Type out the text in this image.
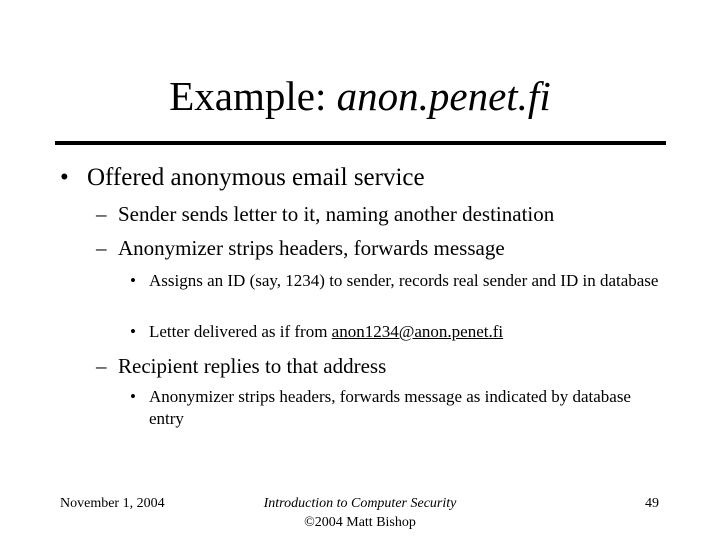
Example: anon.penet.fi
• Offered anonymous email service
– Sender sends letter to it, naming another destination
– Anonymizer strips headers, forwards message
• Assigns an ID (say, 1234) to sender, records real sender and ID in database
• Letter delivered as if from anon1234@anon.penet.fi
– Recipient replies to that address
• Anonymizer strips headers, forwards message as indicated by database entry
November 1, 2004	Introduction to Computer Security
©2004 Matt Bishop
49
